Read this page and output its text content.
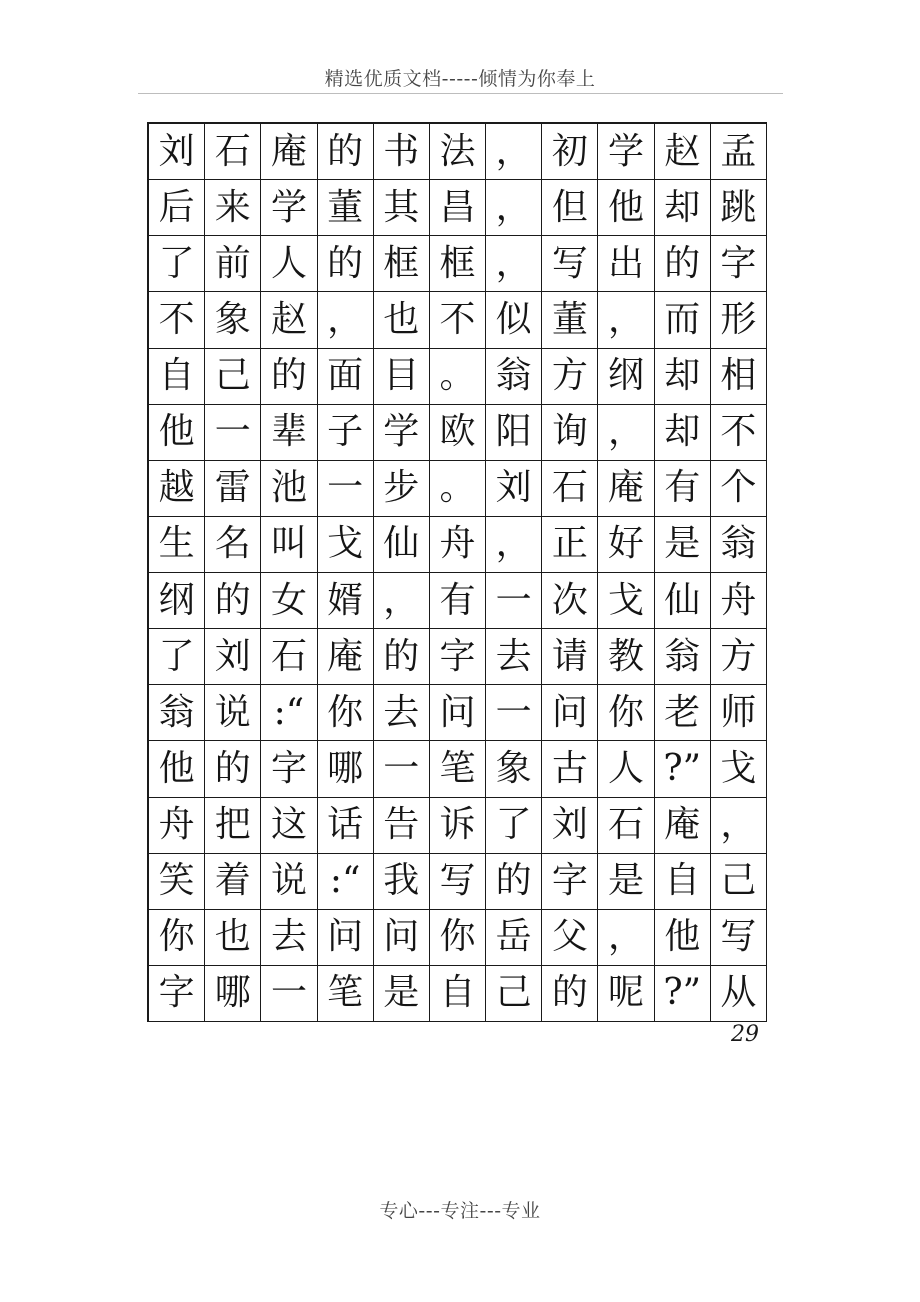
精选优质文档-----倾情为你奉上
刘 石 庵 的 书 法 ， 初 学 赵 孟
后 来 学 董 其 昌 ， 但 他 却 跳
了 前 人 的 框 框 ， 写 出 的 字
不 象 赵 ， 也 不 似 董 ， 而 形
自 己 的 面 目 。 翁 方 纲 却 相
他 一 辈 子 学 欧 阳 询 ， 却 不
越 雷 池 一 步 。 刘 石 庵 有 个
生 名 叫 戈 仙 舟 ， 正 好 是 翁
纲 的 女 婿 ， 有 一 次 戈 仙 舟
了 刘 石 庵 的 字 去 请 教 翁 方
翁 说 :“ 你 去 问 一 问 你 老 师
他 的 字 哪 一 笔 象 古 人 ?” 戈
舟 把 这 话 告 诉 了 刘 石 庵 ，
笑 着 说 :“ 我 写 的 字 是 自 己
你 也 去 问 问 你 岳 父 ， 他 写
字 哪 一 笔 是 自 己 的 呢 ?” 从
29
专心---专注---专业
